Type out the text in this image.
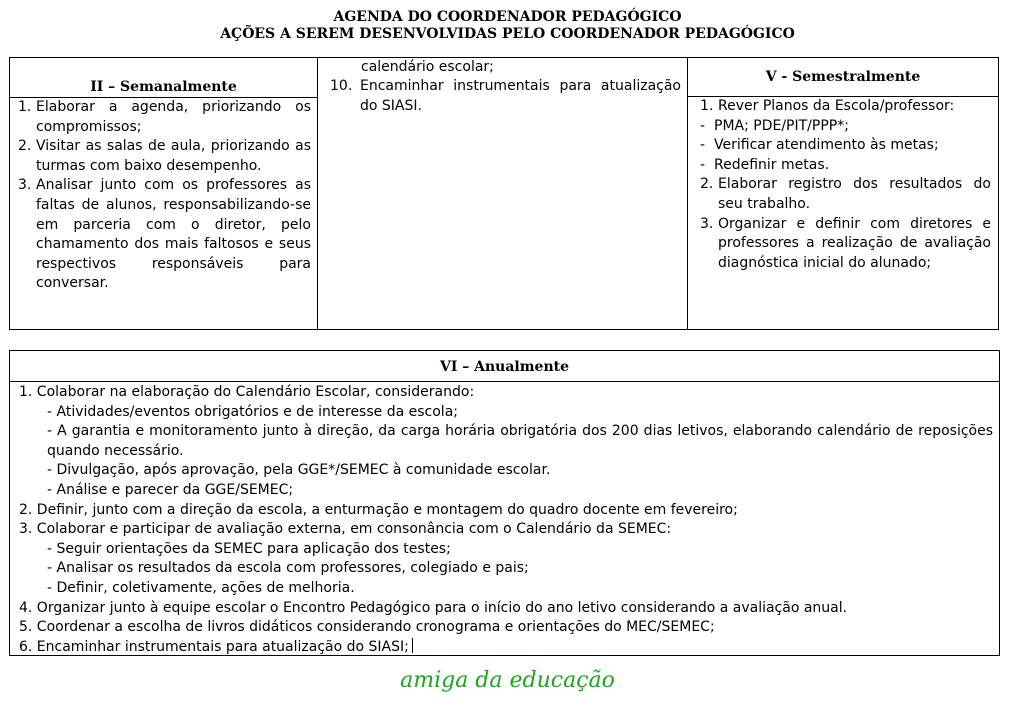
AGENDA DO COORDENADOR PEDAGÓGICO
AÇÕES A SEREM DESENVOLVIDAS PELO COORDENADOR PEDAGÓGICO
II – Semanalmente
1. Elaborar a agenda, priorizando os compromissos;
2. Visitar as salas de aula, priorizando as turmas com baixo desempenho.
3. Analisar junto com os professores as faltas de alunos, responsabilizando-se em parceria com o diretor, pelo chamamento dos mais faltosos e seus respectivos responsáveis para conversar.
calendário escolar;
10. Encaminhar instrumentais para atualização do SIASI.
V - Semestralmente
1. Rever Planos da Escola/professor:
- PMA; PDE/PIT/PPP*;
- Verificar atendimento às metas;
- Redefinir metas.
2. Elaborar registro dos resultados do seu trabalho.
3. Organizar e definir com diretores e professores a realização de avaliação diagnóstica inicial do alunado;
VI – Anualmente
1. Colaborar na elaboração do Calendário Escolar, considerando:
- Atividades/eventos obrigatórios e de interesse da escola;
- A garantia e monitoramento junto à direção, da carga horária obrigatória dos 200 dias letivos, elaborando calendário de reposições quando necessário.
- Divulgação, após aprovação, pela GGE*/SEMEC à comunidade escolar.
- Análise e parecer da GGE/SEMEC;
2. Definir, junto com a direção da escola, a enturmação e montagem do quadro docente em fevereiro;
3. Colaborar e participar de avaliação externa, em consonância com o Calendário da SEMEC:
- Seguir orientações da SEMEC para aplicação dos testes;
- Analisar os resultados da escola com professores, colegiado e pais;
- Definir, coletivamente, ações de melhoria.
4. Organizar junto à equipe escolar o Encontro Pedagógico para o início do ano letivo considerando a avaliação anual.
5. Coordenar a escolha de livros didáticos considerando cronograma e orientações do MEC/SEMEC;
6. Encaminhar instrumentais para atualização do SIASI;
amiga da educação
